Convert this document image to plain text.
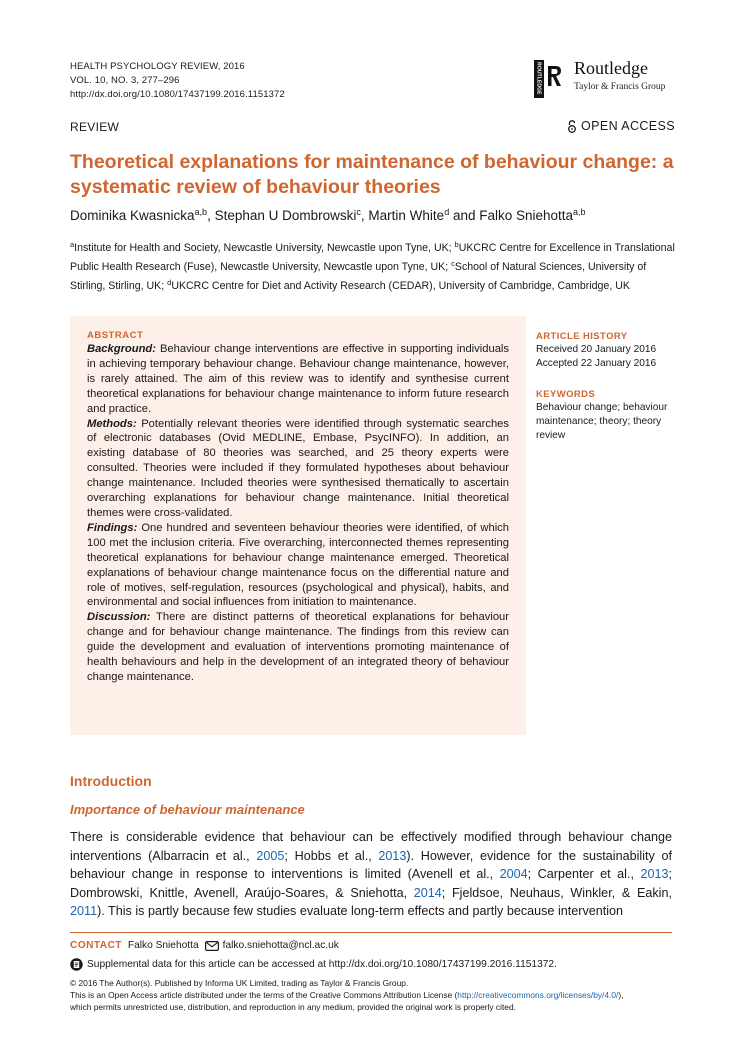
HEALTH PSYCHOLOGY REVIEW, 2016
VOL. 10, NO. 3, 277–296
http://dx.doi.org/10.1080/17437199.2016.1151372	ROUTLEDGE Routledge
Taylor & Francis Group
REVIEW	OPEN ACCESS
Theoretical explanations for maintenance of behaviour change: a systematic review of behaviour theories
Dominika Kwasnicka$^{a,b}$, Stephan U Dombrowski$^c$, Martin White$^d$ and Falko Sniehotta$^{a,b}$
$^a$Institute for Health and Society, Newcastle University, Newcastle upon Tyne, UK; $^b$UKCRC Centre for Excellence in Translational Public Health Research (Fuse), Newcastle University, Newcastle upon Tyne, UK; $^c$School of Natural Sciences, University of Stirling, Stirling, UK; $^d$UKCRC Centre for Diet and Activity Research (CEDAR), University of Cambridge, Cambridge, UK
ABSTRACT

Background: Behaviour change interventions are effective in supporting individuals in achieving temporary behaviour change. Behaviour change maintenance, however, is rarely attained. The aim of this review was to identify and synthesise current theoretical explanations for behaviour change maintenance to inform future research and practice.

Methods: Potentially relevant theories were identified through systematic searches of electronic databases (Ovid MEDLINE, Embase, PsycINFO). In addition, an existing database of 80 theories was searched, and 25 theory experts were consulted. Theories were included if they formulated hypotheses about behaviour change maintenance. Included theories were synthesised thematically to ascertain overarching explanations for behaviour change maintenance. Initial theoretical themes were cross-validated.

Findings: One hundred and seventeen behaviour theories were identified, of which 100 met the inclusion criteria. Five overarching, interconnected themes representing theoretical explanations for behaviour change maintenance emerged. Theoretical explanations of behaviour change maintenance focus on the differential nature and role of motives, self-regulation, resources (psychological and physical), habits, and environmental and social influences from initiation to maintenance.

Discussion: There are distinct patterns of theoretical explanations for behaviour change and for behaviour change maintenance. The findings from this review can guide the development and evaluation of interventions promoting maintenance of health behaviours and help in the development of an integrated theory of behaviour change maintenance.

ARTICLE HISTORY
Received 20 January 2016
Accepted 22 January 2016
KEYWORDS
Behaviour change; behaviour maintenance; theory; theory review
Introduction
Importance of behaviour maintenance
There is considerable evidence that behaviour can be effectively modified through behaviour change interventions (Albarracin et al., 2005; Hobbs et al., 2013). However, evidence for the sustainability of behaviour change in response to interventions is limited (Avenell et al., 2004; Carpenter et al., 2013; Dombrowski, Knittle, Avenell, Araújo-Soares, & Sniehotta, 2014; Fjeldsoe, Neuhaus, Winkler, & Eakin, 2011). This is partly because few studies evaluate long-term effects and partly because intervention
CONTACT Falko Sniehotta falko.sniehotta@ncl.ac.uk
Supplemental data for this article can be accessed at http://dx.doi.org/10.1080/17437199.2016.1151372.
© 2016 The Author(s). Published by Informa UK Limited, trading as Taylor & Francis Group.
This is an Open Access article distributed under the terms of the Creative Commons Attribution License (http://creativecommons.org/licenses/by/4.0/),
which permits unrestricted use, distribution, and reproduction in any medium, provided the original work is properly cited.
